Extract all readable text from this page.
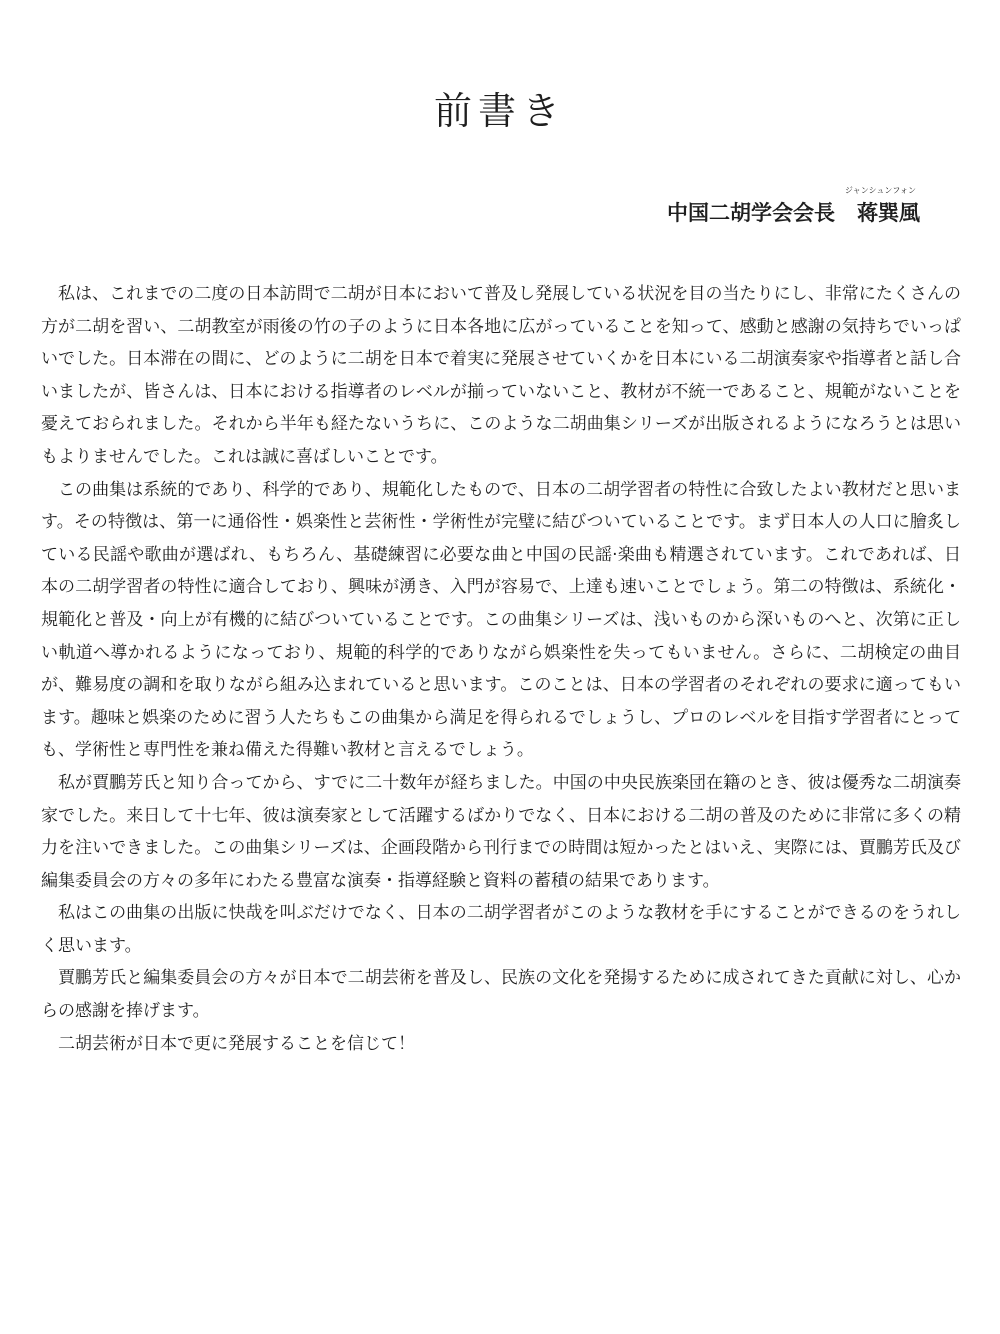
前書き
中国二胡学会会長
ジャンシュンフォン
蒋巽風

私は、これまでの二度の日本訪問で二胡が日本において普及し発展している状況を目の当たりにし、非常にたくさんの方が二胡を習い、二胡教室が雨後の竹の子のように日本各地に広がっていることを知って、感動と感謝の気持ちでいっぱいでした。日本滞在の間に、どのように二胡を日本で着実に発展させていくかを日本にいる二胡演奏家や指導者と話し合いましたが、皆さんは、日本における指導者のレベルが揃っていないこと、教材が不統一であること、規範がないことを憂えておられました。それから半年も経たないうちに、このような二胡曲集シリーズが出版されるようになろうとは思いもよりませんでした。これは誠に喜ばしいことです。

この曲集は系統的であり、科学的であり、規範化したもので、日本の二胡学習者の特性に合致したよい教材だと思います。その特徴は、第一に通俗性・娯楽性と芸術性・学術性が完璧に結びついていることです。まず日本人の人口に膾炙している民謡や歌曲が選ばれ、もちろん、基礎練習に必要な曲と中国の民謡·楽曲も精選されています。これであれば、日本の二胡学習者の特性に適合しており、興味が湧き、入門が容易で、上達も速いことでしょう。第二の特徴は、系統化・規範化と普及・向上が有機的に結びついていることです。この曲集シリーズは、浅いものから深いものへと、次第に正しい軌道へ導かれるようになっており、規範的科学的でありながら娯楽性を失ってもいません。さらに、二胡検定の曲目が、難易度の調和を取りながら組み込まれていると思います。このことは、日本の学習者のそれぞれの要求に適ってもいます。趣味と娯楽のために習う人たちもこの曲集から満足を得られるでしょうし、プロのレベルを目指す学習者にとっても、学術性と専門性を兼ね備えた得難い教材と言えるでしょう。

私が賈鵬芳氏と知り合ってから、すでに二十数年が経ちました。中国の中央民族楽団在籍のとき、彼は優秀な二胡演奏家でした。来日して十七年、彼は演奏家として活躍するばかりでなく、日本における二胡の普及のために非常に多くの精力を注いできました。この曲集シリーズは、企画段階から刊行までの時間は短かったとはいえ、実際には、賈鵬芳氏及び編集委員会の方々の多年にわたる豊富な演奏・指導経験と資料の蓄積の結果であります。

私はこの曲集の出版に快哉を叫ぶだけでなく、日本の二胡学習者がこのような教材を手にすることができるのをうれしく思います。

賈鵬芳氏と編集委員会の方々が日本で二胡芸術を普及し、民族の文化を発揚するために成されてきた貢献に対し、心からの感謝を捧げます。

二胡芸術が日本で更に発展することを信じて！
